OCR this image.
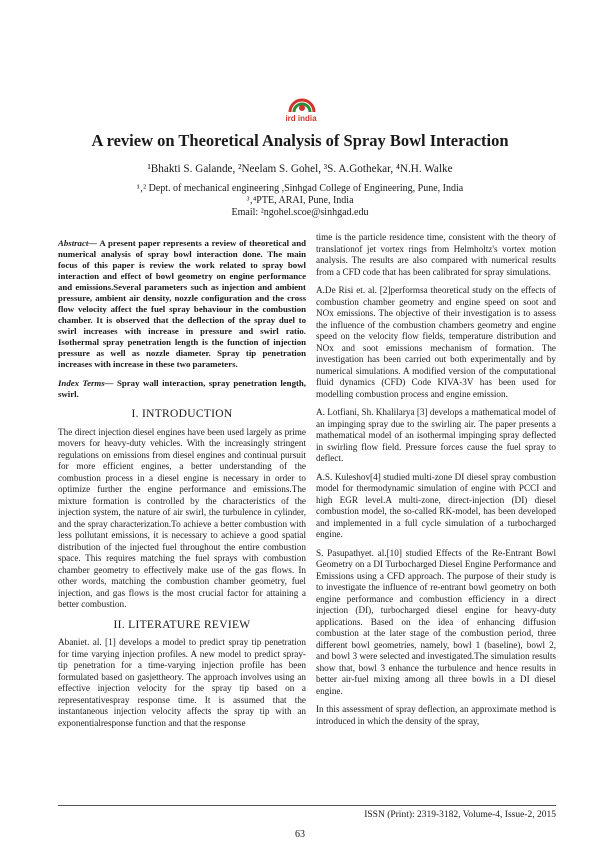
ird india
A review on Theoretical Analysis of Spray Bowl Interaction
¹Bhakti S. Galande, ²Neelam S. Gohel, ³S. A.Gothekar, ⁴N.H. Walke
¹‚² Dept. of mechanical engineering ,Sinhgad College of Engineering, Pune, India
³‚⁴PTE, ARAI, Pune, India
Email: ²ngohel.scoe@sinhgad.edu

Abstract— A present paper represents a review of theoretical and numerical analysis of spray bowl interaction done. The main focus of this paper is review the work related to spray bowl interaction and effect of bowl geometry on engine performance and emissions.Several parameters such as injection and ambient pressure, ambient air density, nozzle configuration and the cross flow velocity affect the fuel spray behaviour in the combustion chamber. It is observed that the deflection of the spray duel to swirl increases with increase in pressure and swirl ratio. Isothermal spray penetration length is the function of injection pressure as well as nozzle diameter. Spray tip penetration increases with increase in these two parameters.

Index Terms— Spray wall interaction, spray penetration length, swirl.

I. INTRODUCTION

The direct injection diesel engines have been used largely as prime movers for heavy-duty vehicles. With the increasingly stringent regulations on emissions from diesel engines and continual pursuit for more efficient engines, a better understanding of the combustion process in a diesel engine is necessary in order to optimize further the engine performance and emissions.The mixture formation is controlled by the characteristics of the injection system, the nature of air swirl, the turbulence in cylinder, and the spray characterization.To achieve a better combustion with less pollutant emissions, it is necessary to achieve a good spatial distribution of the injected fuel throughout the entire combustion space. This requires matching the fuel sprays with combustion chamber geometry to effectively make use of the gas flows. In other words, matching the combustion chamber geometry, fuel injection, and gas flows is the most crucial factor for attaining a better combustion.

II. LITERATURE REVIEW

Abaniet. al. [1] develops a model to predict spray tip penetration for time varying injection profiles. A new model to predict spray-tip penetration for a time-varying injection profile has been formulated based on gasjettheory. The approach involves using an effective injection velocity for the spray tip based on a representativespray response time. It is assumed that the instantaneous injection velocity affects the spray tip with an exponentialresponse function and that the response

time is the particle residence time, consistent with the theory of translationof jet vortex rings from Helmholtz's vortex motion analysis. The results are also compared with numerical results from a CFD code that has been calibrated for spray simulations.

A.De Risi et. al. [2]performsa theoretical study on the effects of combustion chamber geometry and engine speed on soot and NOx emissions. The objective of their investigation is to assess the influence of the combustion chambers geometry and engine speed on the velocity flow fields, temperature distribution and NOx and soot emissions mechanism of formation. The investigation has been carried out both experimentally and by numerical simulations. A modified version of the computational fluid dynamics (CFD) Code KIVA-3V has been used for modelling combustion process and engine emission.

A. Lotfiani, Sh. Khalilarya [3] develops a mathematical model of an impinging spray due to the swirling air. The paper presents a mathematical model of an isothermal impinging spray deflected in swirling flow field. Pressure forces cause the fuel spray to deflect.

A.S. Kuleshov[4] studied multi-zone DI diesel spray combustion model for thermodynamic simulation of engine with PCCI and high EGR level.A multi-zone, direct-injection (DI) diesel combustion model, the so-called RK-model, has been developed and implemented in a full cycle simulation of a turbocharged engine.

S. Pasupathyet. al.[10] studied Effects of the Re-Entrant Bowl Geometry on a DI Turbocharged Diesel Engine Performance and Emissions using a CFD approach. The purpose of their study is to investigate the influence of re-entrant bowl geometry on both engine performance and combustion efficiency in a direct injection (DI), turbocharged diesel engine for heavy-duty applications. Based on the idea of enhancing diffusion combustion at the later stage of the combustion period, three different bowl geometries, namely, bowl 1 (baseline), bowl 2, and bowl 3 were selected and investigated.The simulation results show that, bowl 3 enhance the turbulence and hence results in better air-fuel mixing among all three bowls in a DI diesel engine.

In this assessment of spray deflection, an approximate method is introduced in which the density of the spray,

ISSN (Print): 2319-3182, Volume-4, Issue-2, 2015
63
